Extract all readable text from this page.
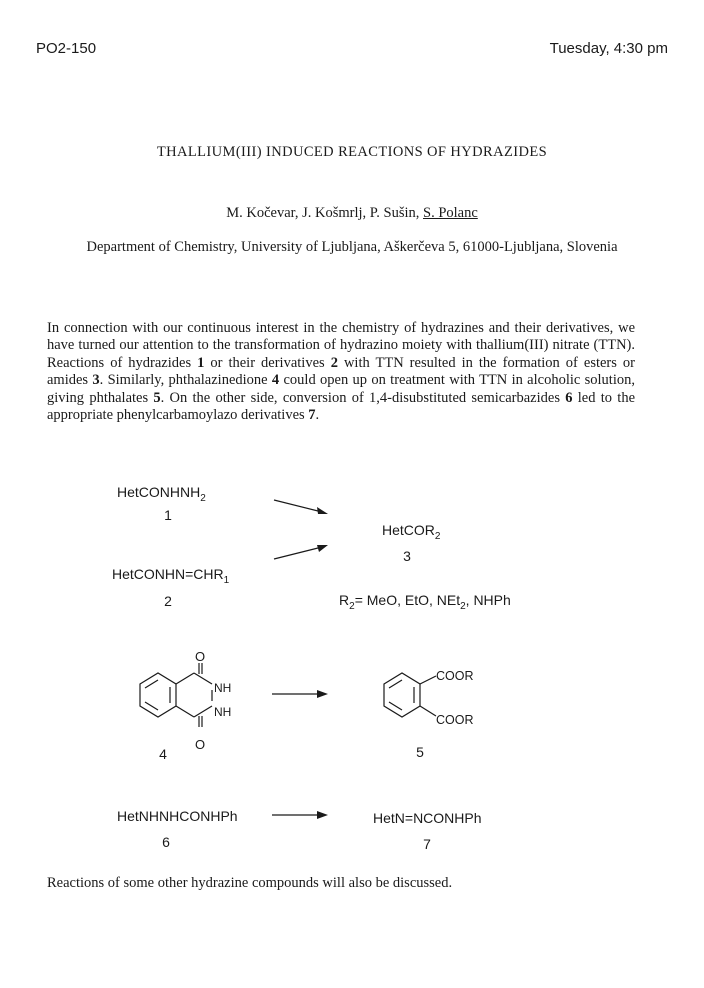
PO2-150	Tuesday, 4:30 pm
THALLIUM(III) INDUCED REACTIONS OF HYDRAZIDES
M. Kočevar, J. Košmrlj, P. Sušin, S. Polanc
Department of Chemistry, University of Ljubljana, Aškerčeva 5, 61000-Ljubljana, Slovenia
In connection with our continuous interest in the chemistry of hydrazines and their derivatives, we have turned our attention to the transformation of hydrazino moiety with thallium(III) nitrate (TTN). Reactions of hydrazides 1 or their derivatives 2 with TTN resulted in the formation of esters or amides 3. Similarly, phthalazinedione 4 could open up on treatment with TTN in alcoholic solution, giving phthalates 5. On the other side, conversion of 1,4-disubstituted semicarbazides 6 led to the appropriate phenylcarbamoylazo derivatives 7.
HetCONHNH$_2$
1
$HetCONHN=CHR_1$
2
HetCOR$_2$
3
$R_2=$ MeO, EtO, NEt$_2$, NHPh
O
O
NH
NH
COOR
COOR
4	5
HetNHNHCONHPh
6
HetN=NCONHPh
7
Reactions of some other hydrazine compounds will also be discussed.
